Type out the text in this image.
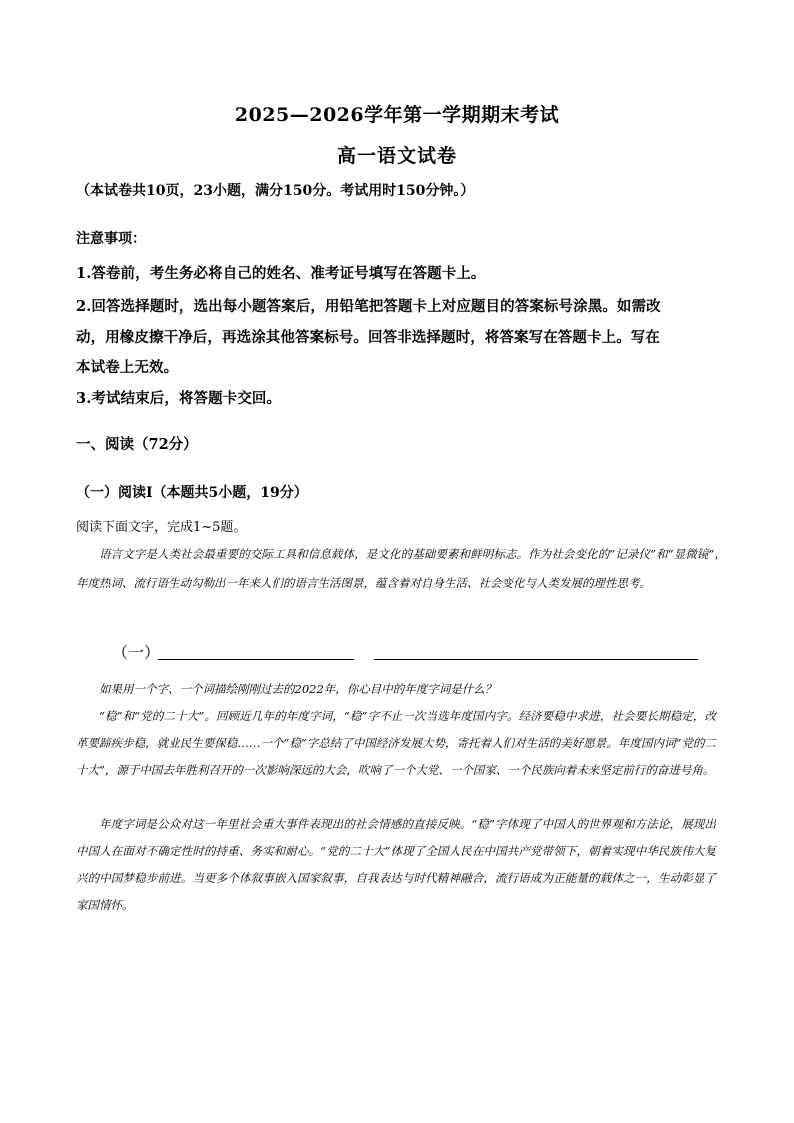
2025—2026学年第一学期期末考试
高一语文试卷
（本试卷共10页，23小题，满分150分。考试用时150分钟。）
注意事项：
1.答卷前，考生务必将自己的姓名、准考证号填写在答题卡上。
2.回答选择题时，选出每小题答案后，用铅笔把答题卡上对应题目的答案标号涂黑。如需改
动，用橡皮擦干净后，再选涂其他答案标号。回答非选择题时，将答案写在答题卡上。写在
本试卷上无效。
3.考试结束后，将答题卡交回。
一、阅读（72分）
（一）阅读Ⅰ（本题共5小题，19分）
阅读下面文字，完成1~5题。
语言文字是人类社会最重要的交际工具和信息载体，是文化的基础要素和鲜明标志。作为社会变化的“记录仪”和“显微镜”，年度热词、流行语生动勾勒出一年来人们的语言生活图景，蕴含着对自身生活、社会变化与人类发展的理性思考。
（一）
如果用一个字、一个词描绘刚刚过去的2022年，你心目中的年度字词是什么？
“稳”和“党的二十大”。回顾近几年的年度字词，“稳”字不止一次当选年度国内字。经济要稳中求进，社会要长期稳定，改革要蹄疾步稳，就业民生要保稳……一个“稳”字总结了中国经济发展大势，寄托着人们对生活的美好愿景。年度国内词“党的二十大”，源于中国去年胜利召开的一次影响深远的大会，吹响了一个大党、一个国家、一个民族向着未来坚定前行的奋进号角。
年度字词是公众对这一年里社会重大事件表现出的社会情感的直接反映。“稳”字体现了中国人的世界观和方法论，展现出中国人在面对不确定性时的持重、务实和耐心。“党的二十大”体现了全国人民在中国共产党带领下，朝着实现中华民族伟大复兴的中国梦稳步前进。当更多个体叙事嵌入国家叙事，自我表达与时代精神融合，流行语成为正能量的载体之一，生动彰显了家国情怀。
